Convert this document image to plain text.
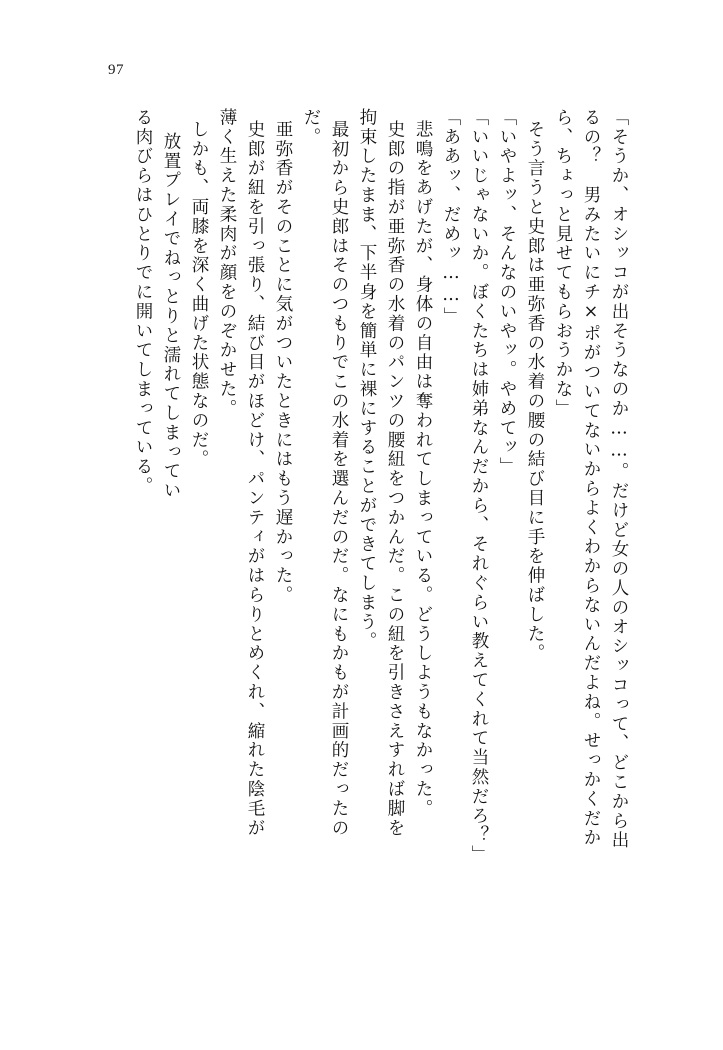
97
「そうか、オシッコが出そうなのか……。だけど女の人のオシッコって、どこから出
るの？　男みたいにチ×ポがついてないからよくわからないんだよね。せっかくだか
ら、ちょっと見せてもらおうかな」
そう言うと史郎は亜弥香の水着の腰の結び目に手を伸ばした。
「いやよッ、そんなのいやッ。やめてッ」
「いいじゃないか。ぼくたちは姉弟なんだから、それぐらい教えてくれて当然だろ？」
「ああッ、だめッ……」
悲鳴をあげたが、身体の自由は奪われてしまっている。どうしようもなかった。
史郎の指が亜弥香の水着のパンツの腰紐をつかんだ。この紐を引きさえすれば脚を
拘束したまま、下半身を簡単に裸にすることができてしまう。
最初から史郎はそのつもりでこの水着を選んだのだ。なにもかもが計画的だったの
だ。
亜弥香がそのことに気がついたときにはもう遅かった。
史郎が紐を引っ張り、結び目がほどけ、パンティがはらりとめくれ、縮れた陰毛が
薄く生えた柔肉が顔をのぞかせた。
しかも、両膝を深く曲げた状態なのだ。
放置プレイでねっとりと濡れてしまってい
る肉びらはひとりでに開いてしまっている。
